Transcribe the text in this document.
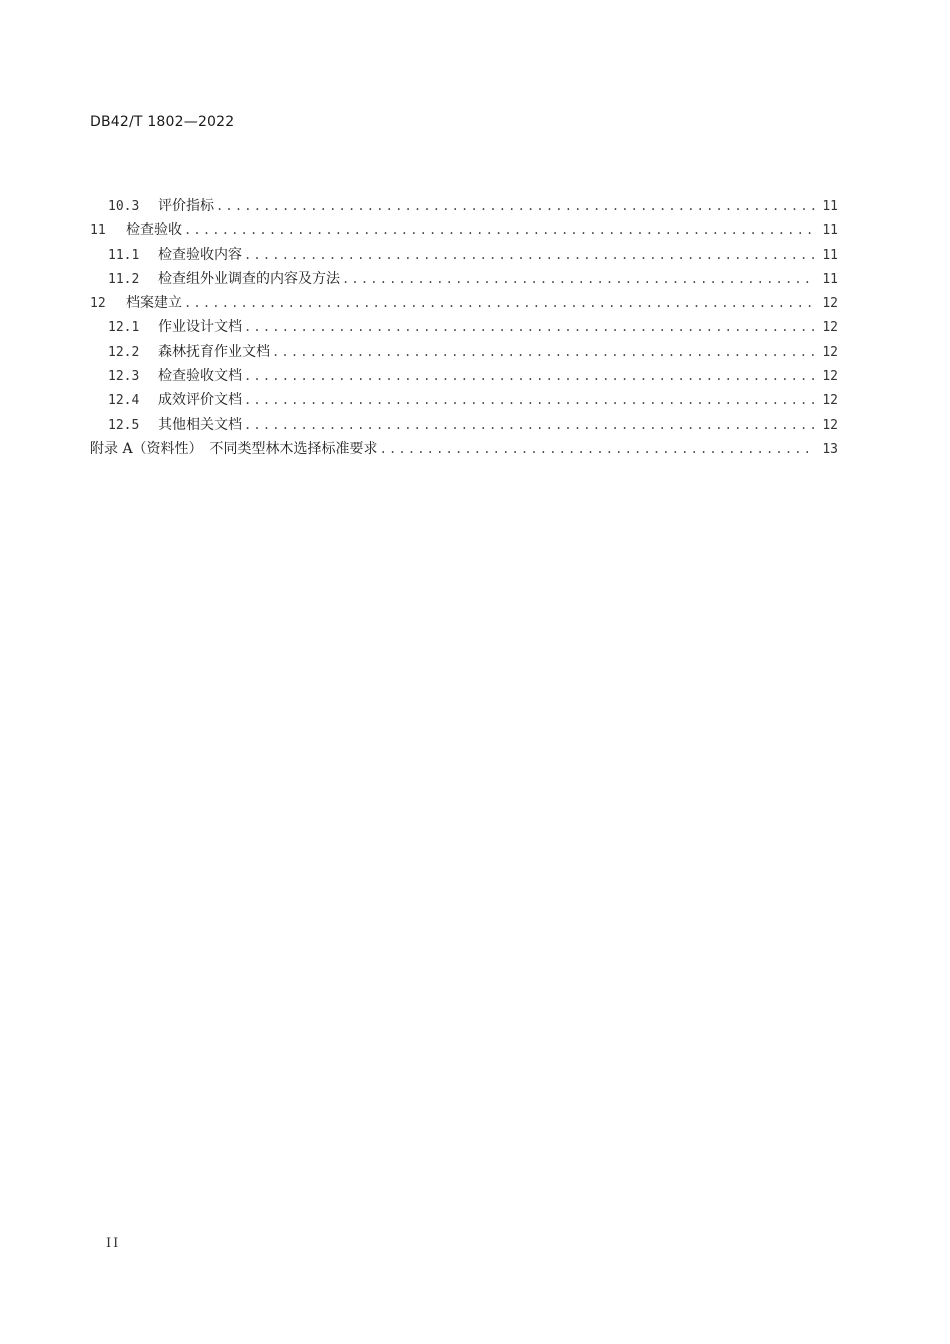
DB42/T 1802—2022
10.3	评价指标 .....	11
11	检查验收 .....	11
11.1	检查验收内容 .....	11
11.2	检查组外业调查的内容及方法 .....	11
12	档案建立 .....	12
12.1	作业设计文档 .....	12
12.2	森林抚育作业文档 .....	12
12.3	检查验收文档 .....	12
12.4	成效评价文档 .....	12
12.5	其他相关文档 .....	12
附录 A（资料性）　不同类型林木选择标准要求 .....	13
II
